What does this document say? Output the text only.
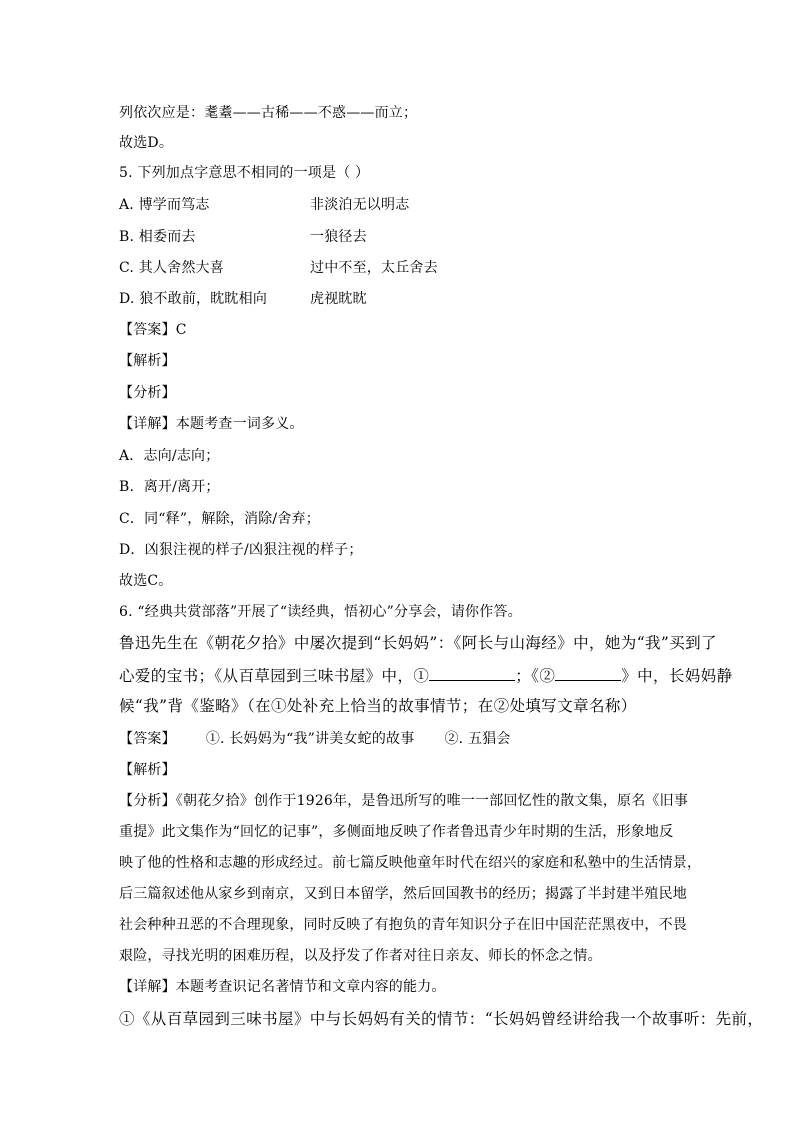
列依次应是：耄耋——古稀——不惑——而立；
故选D。
5. 下列加点字意思不相同的一项是（ ）
A. 博学而笃志	非淡泊无以明志
B. 相委而去	一狼径去
C. 其人舍然大喜	过中不至，太丘舍去
D. 狼不敢前，眈眈相向	虎视眈眈
【答案】C
【解析】
【分析】
【详解】本题考查一词多义。
A．志向/志向；
B．离开/离开；
C．同“释”，解除，消除/舍弃；
D．凶狠注视的样子/凶狠注视的样子；
故选C。
6. “经典共赏部落”开展了“读经典，悟初心”分享会，请你作答。
鲁迅先生在《朝花夕拾》中屡次提到“长妈妈”：《阿长与山海经》中，她为“我”买到了
心爱的宝书；《从百草园到三味书屋》中，①	；《②	》中，长妈妈静
候“我”背《鉴略》（在①处补充上恰当的故事情节；在②处填写文章名称）
【答案】 ①. 长妈妈为“我”讲美女蛇的故事 ②. 五猖会
【解析】
【分析】《朝花夕拾》创作于1926年，是鲁迅所写的唯一一部回忆性的散文集，原名《旧事
重提》此文集作为“回忆的记事”，多侧面地反映了作者鲁迅青少年时期的生活，形象地反
映了他的性格和志趣的形成经过。前七篇反映他童年时代在绍兴的家庭和私塾中的生活情景，
后三篇叙述他从家乡到南京，又到日本留学，然后回国教书的经历；揭露了半封建半殖民地
社会种种丑恶的不合理现象，同时反映了有抱负的青年知识分子在旧中国茫茫黑夜中，不畏
艰险，寻找光明的困难历程，以及抒发了作者对往日亲友、师长的怀念之情。
【详解】本题考查识记名著情节和文章内容的能力。
①《从百草园到三味书屋》中与长妈妈有关的情节：“长妈妈曾经讲给我一个故事听：先前，
